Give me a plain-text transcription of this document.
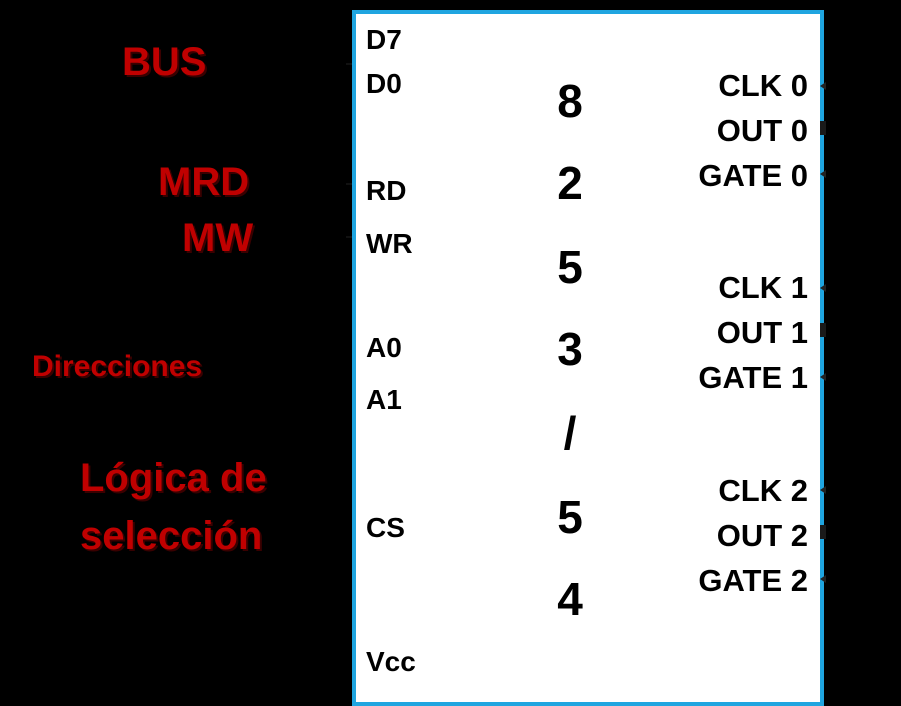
BUS
MRD
MW
Direcciones
Lógica de
selección
D7
D0
RD
WR
A0
A1
CS
Vcc
8
2
5
3
/
5
4
CLK 0
OUT 0
GATE 0
CLK 1
OUT 1
GATE 1
CLK 2
OUT 2
GATE 2
